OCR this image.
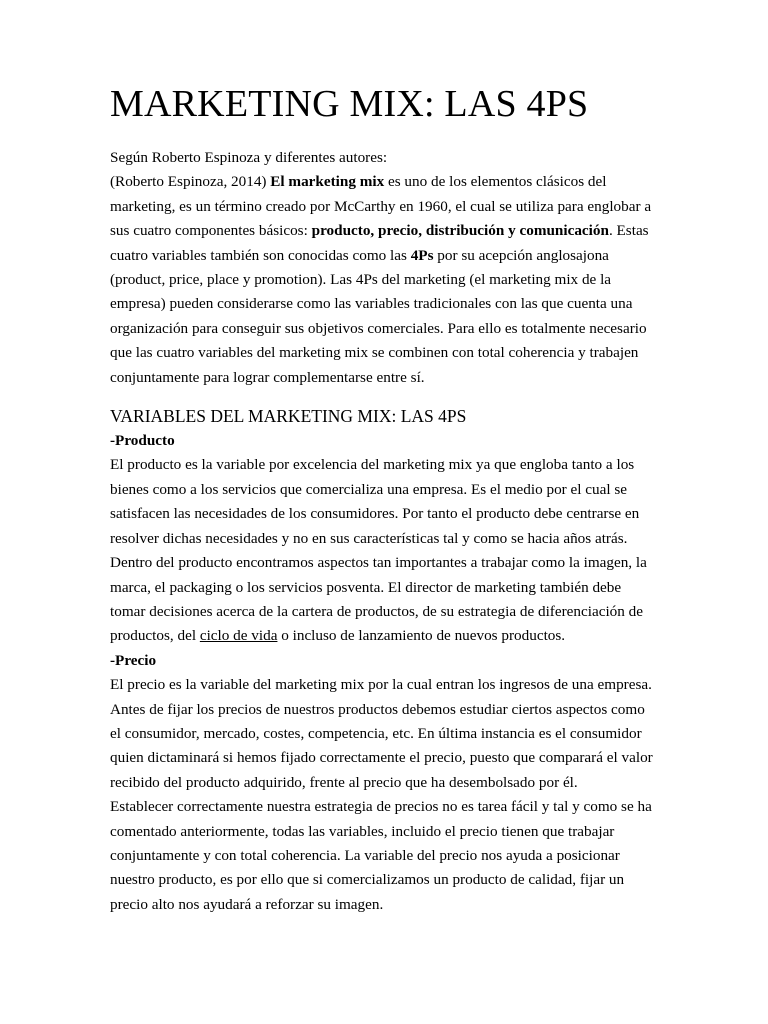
MARKETING MIX: LAS 4PS

Según Roberto Espinoza y diferentes autores:

(Roberto Espinoza, 2014) El marketing mix es uno de los elementos clásicos del marketing, es un término creado por McCarthy en 1960, el cual se utiliza para englobar a sus cuatro componentes básicos: producto, precio, distribución y comunicación. Estas cuatro variables también son conocidas como las 4Ps por su acepción anglosajona (product, price, place y promotion). Las 4Ps del marketing (el marketing mix de la empresa) pueden considerarse como las variables tradicionales con las que cuenta una organización para conseguir sus objetivos comerciales. Para ello es totalmente necesario que las cuatro variables del marketing mix se combinen con total coherencia y trabajen conjuntamente para lograr complementarse entre sí.

VARIABLES DEL MARKETING MIX: LAS 4PS
-Producto

El producto es la variable por excelencia del marketing mix ya que engloba tanto a los bienes como a los servicios que comercializa una empresa. Es el medio por el cual se satisfacen las necesidades de los consumidores. Por tanto el producto debe centrarse en resolver dichas necesidades y no en sus características tal y como se hacia años atrás. Dentro del producto encontramos aspectos tan importantes a trabajar como la imagen, la marca, el packaging o los servicios posventa. El director de marketing también debe tomar decisiones acerca de la cartera de productos, de su estrategia de diferenciación de productos, del ciclo de vida o incluso de lanzamiento de nuevos productos.

-Precio

El precio es la variable del marketing mix por la cual entran los ingresos de una empresa. Antes de fijar los precios de nuestros productos debemos estudiar ciertos aspectos como el consumidor, mercado, costes, competencia, etc. En última instancia es el consumidor quien dictaminará si hemos fijado correctamente el precio, puesto que comparará el valor recibido del producto adquirido, frente al precio que ha desembolsado por él.

Establecer correctamente nuestra estrategia de precios no es tarea fácil y tal y como se ha comentado anteriormente, todas las variables, incluido el precio tienen que trabajar conjuntamente y con total coherencia. La variable del precio nos ayuda a posicionar nuestro producto, es por ello que si comercializamos un producto de calidad, fijar un precio alto nos ayudará a reforzar su imagen.
